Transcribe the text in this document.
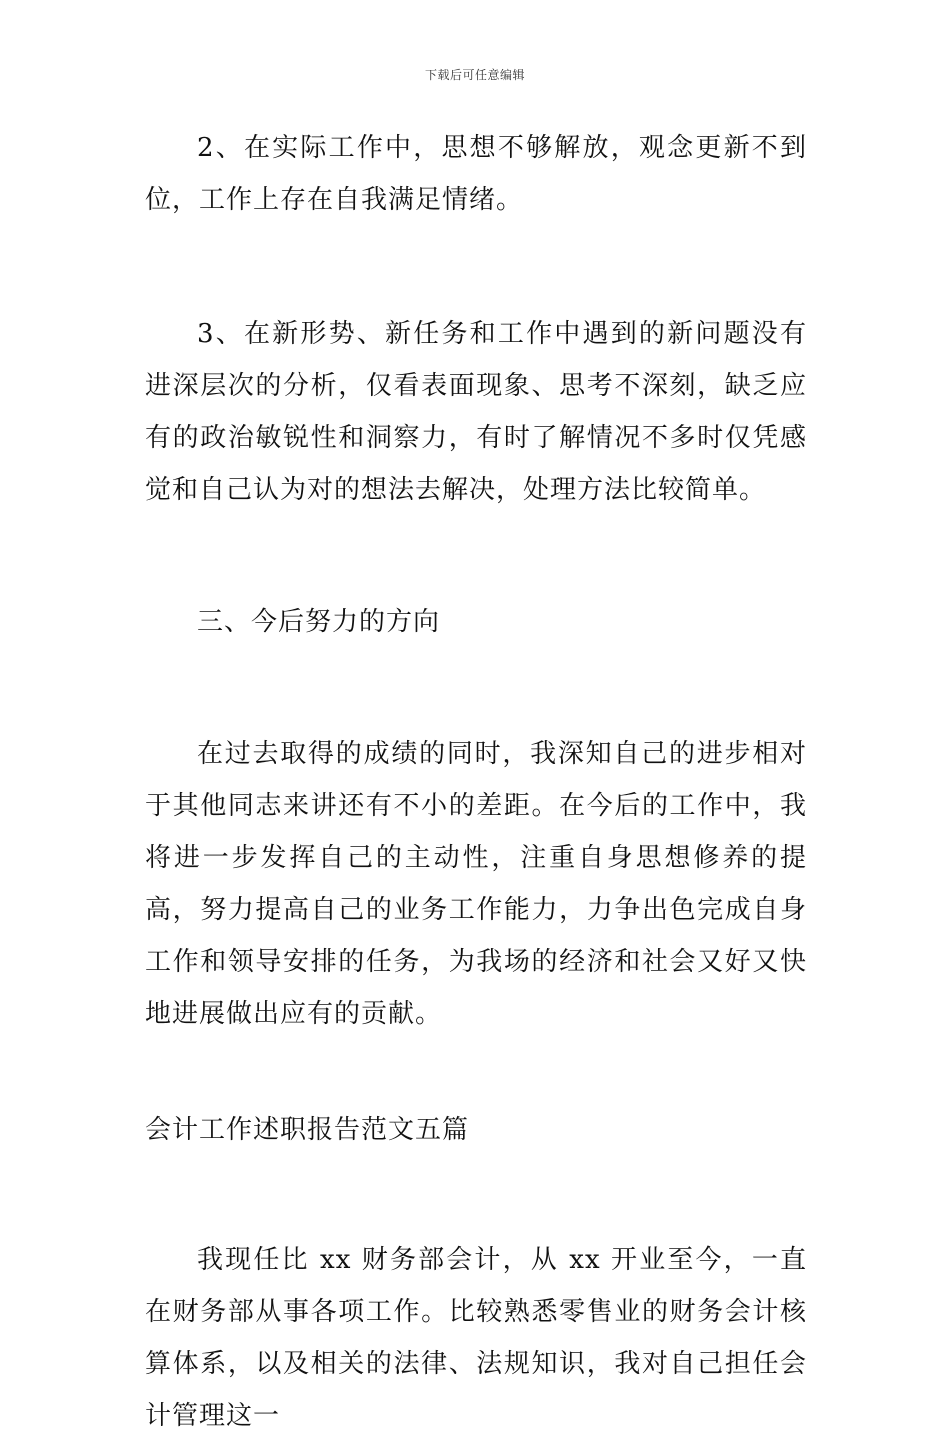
下载后可任意编辑

2、在实际工作中，思想不够解放，观念更新不到位，工作上存在自我满足情绪。

3、在新形势、新任务和工作中遇到的新问题没有进深层次的分析，仅看表面现象、思考不深刻，缺乏应有的政治敏锐性和洞察力，有时了解情况不多时仅凭感觉和自己认为对的想法去解决，处理方法比较简单。

三、今后努力的方向

在过去取得的成绩的同时，我深知自己的进步相对于其他同志来讲还有不小的差距。在今后的工作中，我将进一步发挥自己的主动性，注重自身思想修养的提高，努力提高自己的业务工作能力，力争出色完成自身工作和领导安排的任务，为我场的经济和社会又好又快地进展做出应有的贡献。

会计工作述职报告范文五篇

我现任比 xx 财务部会计，从 xx 开业至今，一直在财务部从事各项工作。比较熟悉零售业的财务会计核算体系，以及相关的法律、法规知识，我对自己担任会计管理这一
